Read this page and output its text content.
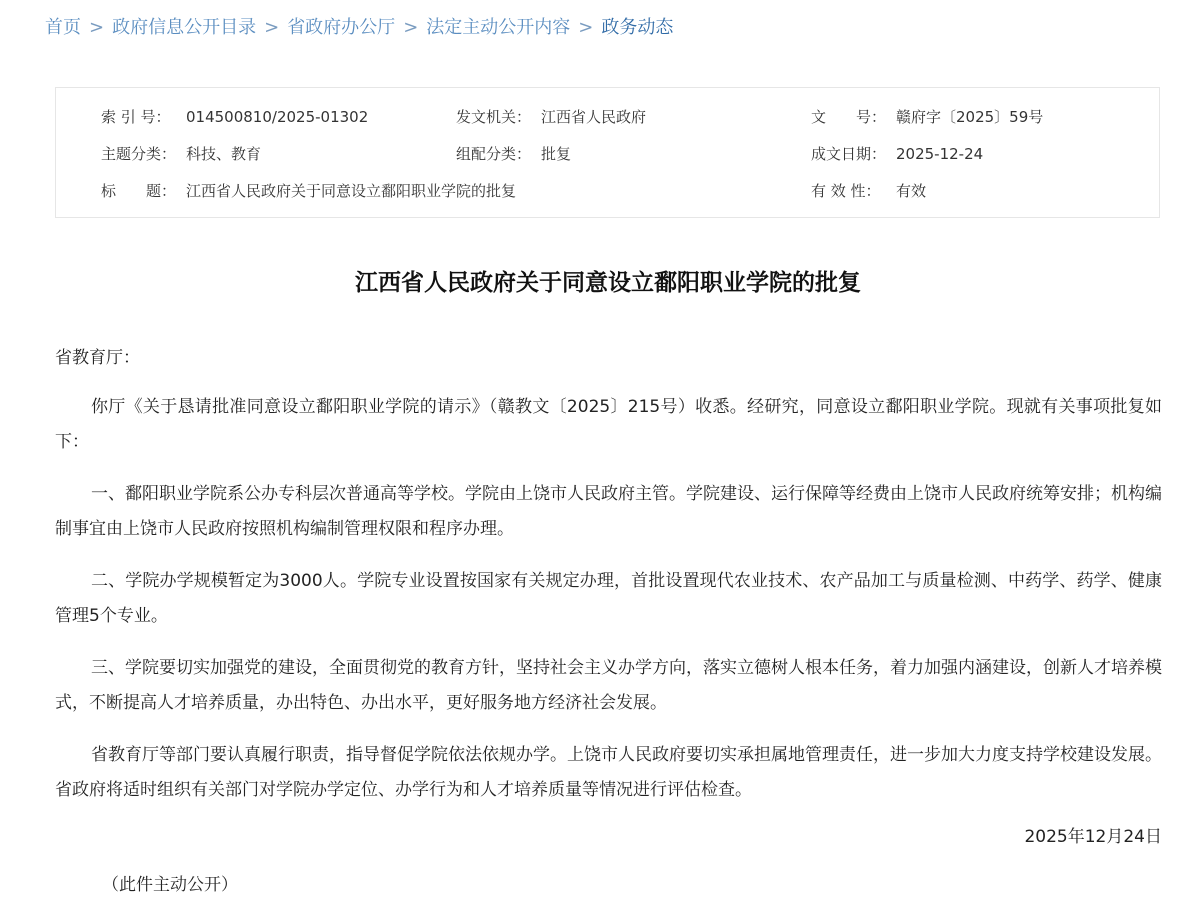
首页 > 政府信息公开目录 > 省政府办公厅 > 法定主动公开内容 > 政务动态
索 引 号：	014500810/2025-01302	发文机关： 江西省人民政府	文　　号： 赣府字〔2025〕59号
主题分类： 科技、教育	组配分类： 批复	成文日期： 2025-12-24
标　　题： 江西省人民政府关于同意设立鄱阳职业学院的批复	有 效 性：	有效
江西省人民政府关于同意设立鄱阳职业学院的批复

省教育厅：

你厅《关于恳请批准同意设立鄱阳职业学院的请示》（赣教文〔2025〕215号）收悉。经研究，同意设立鄱阳职业学院。现就有关事项批复如下：

一、鄱阳职业学院系公办专科层次普通高等学校。学院由上饶市人民政府主管。学院建设、运行保障等经费由上饶市人民政府统筹安排；机构编制事宜由上饶市人民政府按照机构编制管理权限和程序办理。

二、学院办学规模暂定为3000人。学院专业设置按国家有关规定办理，首批设置现代农业技术、农产品加工与质量检测、中药学、药学、健康管理5个专业。

三、学院要切实加强党的建设，全面贯彻党的教育方针，坚持社会主义办学方向，落实立德树人根本任务，着力加强内涵建设，创新人才培养模式，不断提高人才培养质量，办出特色、办出水平，更好服务地方经济社会发展。

省教育厅等部门要认真履行职责，指导督促学院依法依规办学。上饶市人民政府要切实承担属地管理责任，进一步加大力度支持学校建设发展。省政府将适时组织有关部门对学院办学定位、办学行为和人才培养质量等情况进行评估检查。

2025年12月24日

（此件主动公开）
